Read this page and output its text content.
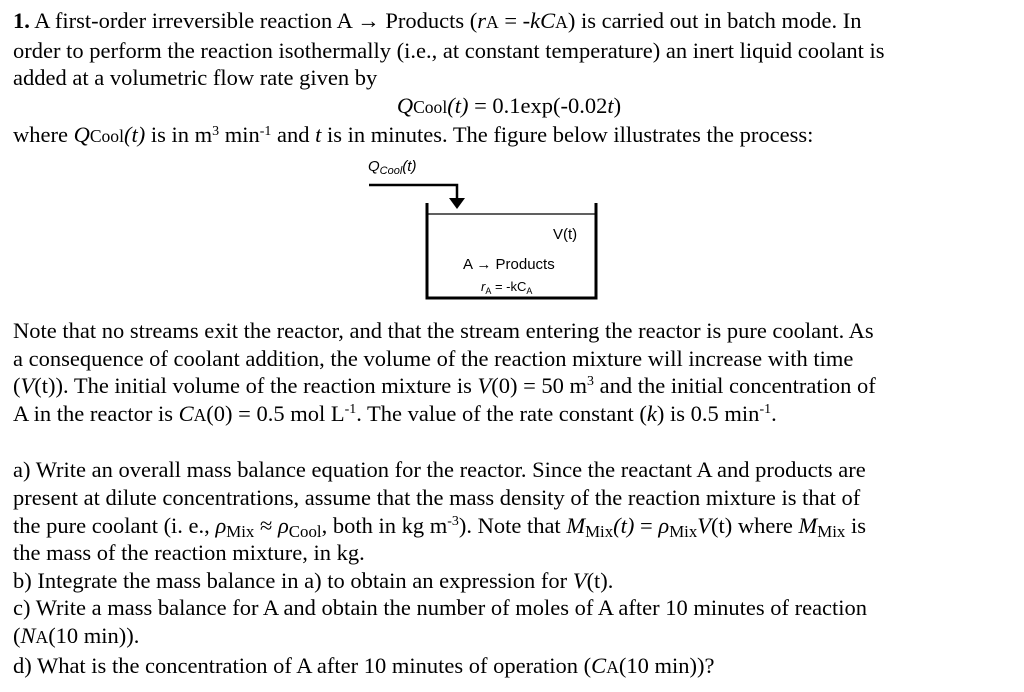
1. A first-order irreversible reaction A → Products (rA = -kCA) is carried out in batch mode. In

order to perform the reaction isothermally (i.e., at constant temperature) an inert liquid coolant is

added at a volumetric flow rate given by

QCool(t) = 0.1exp(-0.02t)

where QCool(t) is in $m^3$ $\min^{-1}$ and t is in minutes. The figure below illustrates the process:

$Q_{Cool}(t)$
V(t)
A → Products
$r_A = -kC_A$

Note that no streams exit the reactor, and that the stream entering the reactor is pure coolant. As

a consequence of coolant addition, the volume of the reaction mixture will increase with time

(V(t)). The initial volume of the reaction mixture is V(0) = 50 $m^3$ and the initial concentration of

A in the reactor is CA(0) = 0.5 mol $L^{-1}$. The value of the rate constant (k) is 0.5 $\min^{-1}$.

a) Write an overall mass balance equation for the reactor. Since the reactant A and products are

present at dilute concentrations, assume that the mass density of the reaction mixture is that of

the pure coolant (i. e., $\rho_{Mix} \approx \rho_{Cool}$, both in kg $m^{-3}$). Note that $M_{Mix}(t) = \rho_{Mix}V(t)$ where $M_{Mix}$ is

the mass of the reaction mixture, in kg.

b) Integrate the mass balance in a) to obtain an expression for V(t).

c) Write a mass balance for A and obtain the number of moles of A after 10 minutes of reaction

(NA(10 min)).

d) What is the concentration of A after 10 minutes of operation (CA(10 min))?
